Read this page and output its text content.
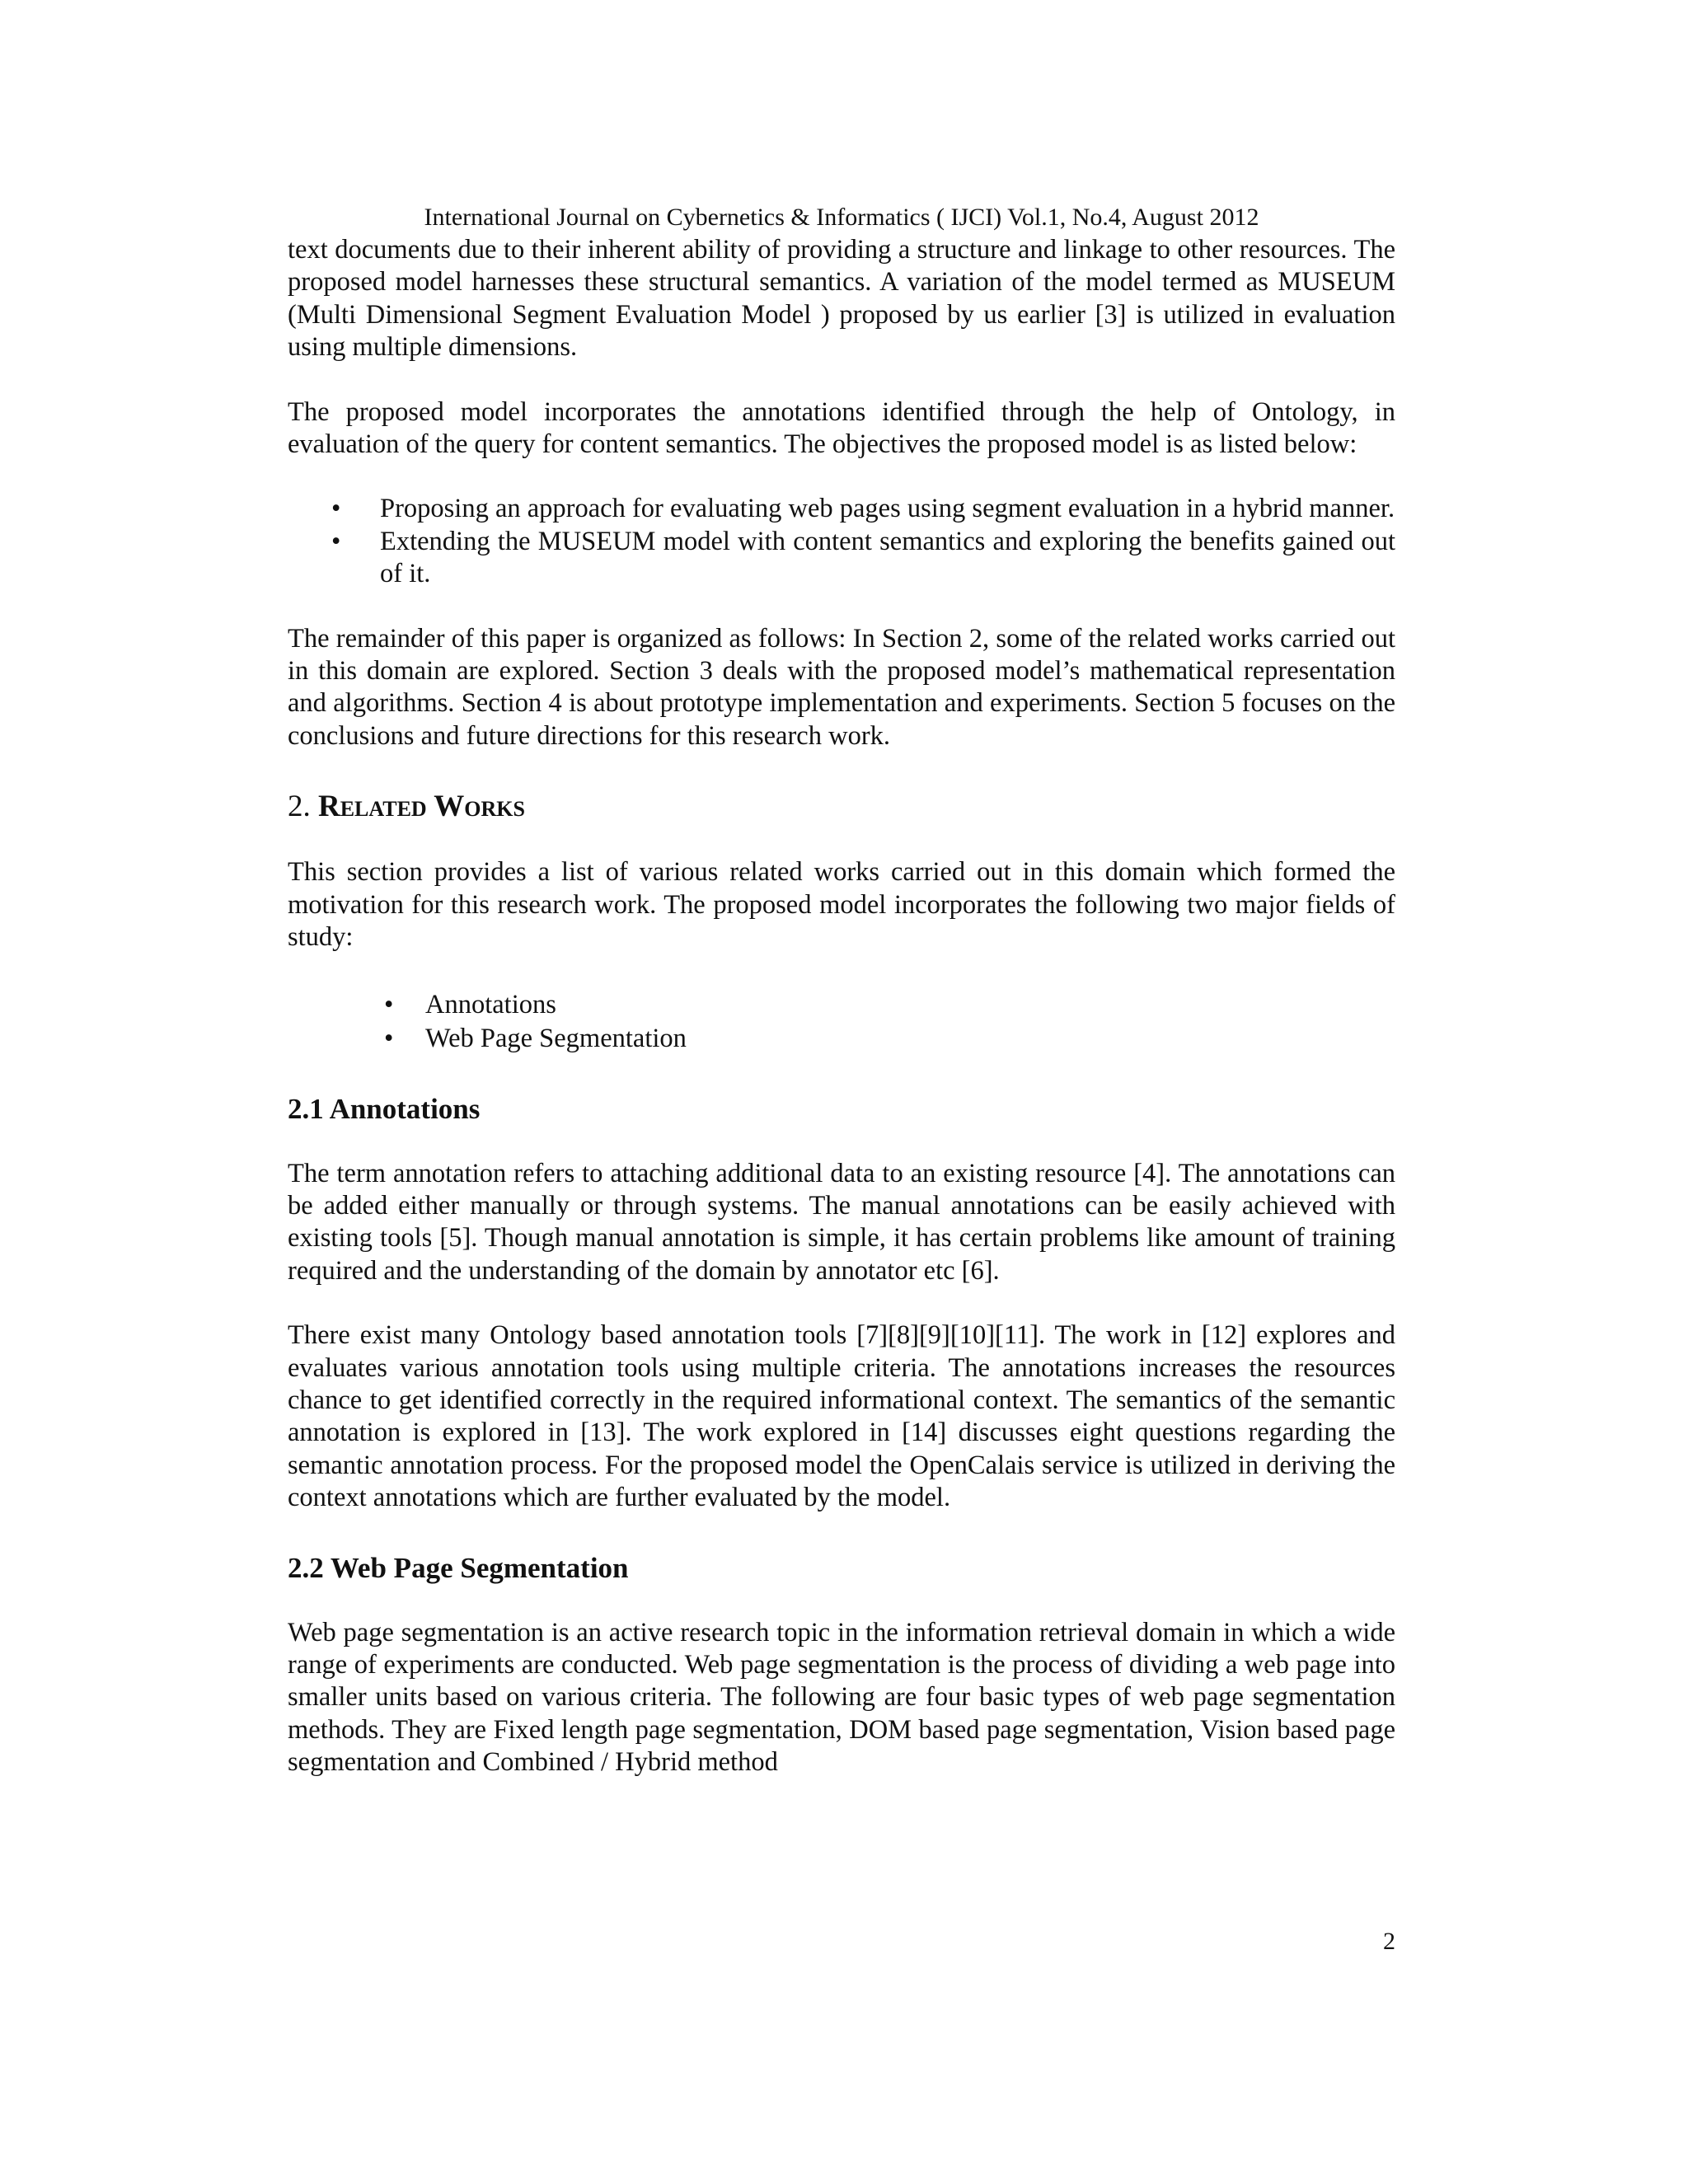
International Journal on Cybernetics & Informatics ( IJCI) Vol.1, No.4, August 2012

text documents due to their inherent ability of providing a structure and linkage to other resources. The proposed model harnesses these structural semantics. A variation of the model termed as MUSEUM (Multi Dimensional Segment Evaluation Model ) proposed by us earlier [3] is utilized in evaluation using multiple dimensions.

The proposed model incorporates the annotations identified through the help of Ontology, in evaluation of the query for content semantics. The objectives the proposed model is as listed below:

• Proposing an approach for evaluating web pages using segment evaluation in a hybrid manner.
• Extending the MUSEUM model with content semantics and exploring the benefits gained out of it.

The remainder of this paper is organized as follows: In Section 2, some of the related works carried out in this domain are explored. Section 3 deals with the proposed model’s mathematical representation and algorithms. Section 4 is about prototype implementation and experiments. Section 5 focuses on the conclusions and future directions for this research work.

2. Related Works

This section provides a list of various related works carried out in this domain which formed the motivation for this research work. The proposed model incorporates the following two major fields of study:

• Annotations
• Web Page Segmentation
2.1 Annotations

The term annotation refers to attaching additional data to an existing resource [4]. The annotations can be added either manually or through systems. The manual annotations can be easily achieved with existing tools [5]. Though manual annotation is simple, it has certain problems like amount of training required and the understanding of the domain by annotator etc [6].

There exist many Ontology based annotation tools [7][8][9][10][11]. The work in [12] explores and evaluates various annotation tools using multiple criteria. The annotations increases the resources chance to get identified correctly in the required informational context. The semantics of the semantic annotation is explored in [13]. The work explored in [14] discusses eight questions regarding the semantic annotation process. For the proposed model the OpenCalais service is utilized in deriving the context annotations which are further evaluated by the model.

2.2 Web Page Segmentation

Web page segmentation is an active research topic in the information retrieval domain in which a wide range of experiments are conducted. Web page segmentation is the process of dividing a web page into smaller units based on various criteria. The following are four basic types of web page segmentation methods. They are Fixed length page segmentation, DOM based page segmentation, Vision based page segmentation and Combined / Hybrid method

2
